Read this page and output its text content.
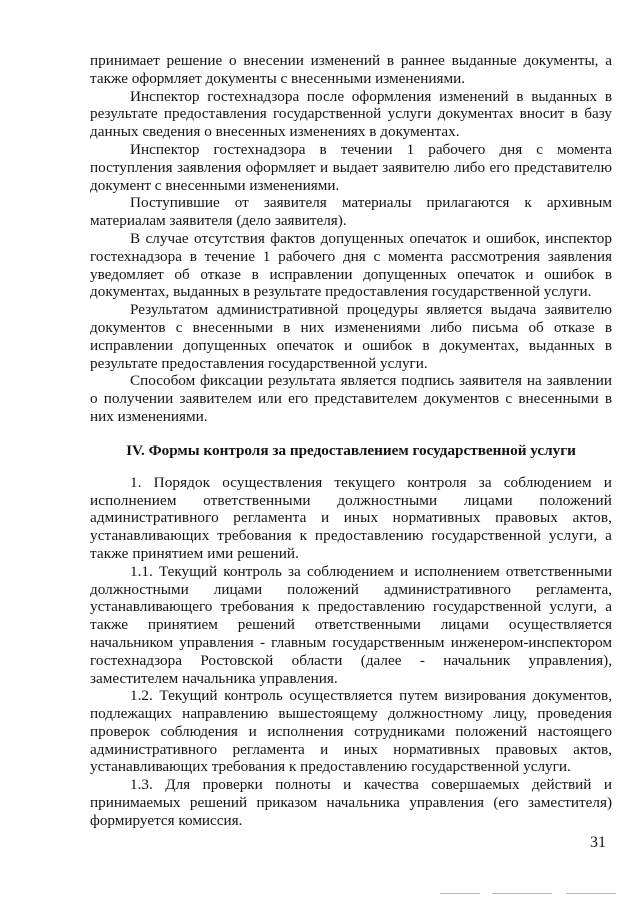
принимает решение о внесении изменений в раннее выданные документы, а также оформляет документы с внесенными изменениями.

Инспектор гостехнадзора после оформления изменений в выданных в результате предоставления государственной услуги документах вносит в базу данных сведения о внесенных изменениях в документах.

Инспектор гостехнадзора в течении 1 рабочего дня с момента поступления заявления оформляет и выдает заявителю либо его представителю документ с внесенными изменениями.

Поступившие от заявителя материалы прилагаются к архивным материалам заявителя (дело заявителя).

В случае отсутствия фактов допущенных опечаток и ошибок, инспектор гостехнадзора в течение 1 рабочего дня с момента рассмотрения заявления уведомляет об отказе в исправлении допущенных опечаток и ошибок в документах, выданных в результате предоставления государственной услуги.

Результатом административной процедуры является выдача заявителю документов с внесенными в них изменениями либо письма об отказе в исправлении допущенных опечаток и ошибок в документах, выданных в результате предоставления государственной услуги.

Способом фиксации результата является подпись заявителя на заявлении о получении заявителем или его представителем документов с внесенными в них изменениями.

IV. Формы контроля за предоставлением государственной услуги

1. Порядок осуществления текущего контроля за соблюдением и исполнением ответственными должностными лицами положений административного регламента и иных нормативных правовых актов, устанавливающих требования к предоставлению государственной услуги, а также принятием ими решений.

1.1. Текущий контроль за соблюдением и исполнением ответственными должностными лицами положений административного регламента, устанавливающего требования к предоставлению государственной услуги, а также принятием решений ответственными лицами осуществляется начальником управления - главным государственным инженером-инспектором гостехнадзора Ростовской области (далее - начальник управления), заместителем начальника управления.

1.2. Текущий контроль осуществляется путем визирования документов, подлежащих направлению вышестоящему должностному лицу, проведения проверок соблюдения и исполнения сотрудниками положений настоящего административного регламента и иных нормативных правовых актов, устанавливающих требования к предоставлению государственной услуги.

1.3. Для проверки полноты и качества совершаемых действий и принимаемых решений приказом начальника управления (его заместителя) формируется комиссия.

31
